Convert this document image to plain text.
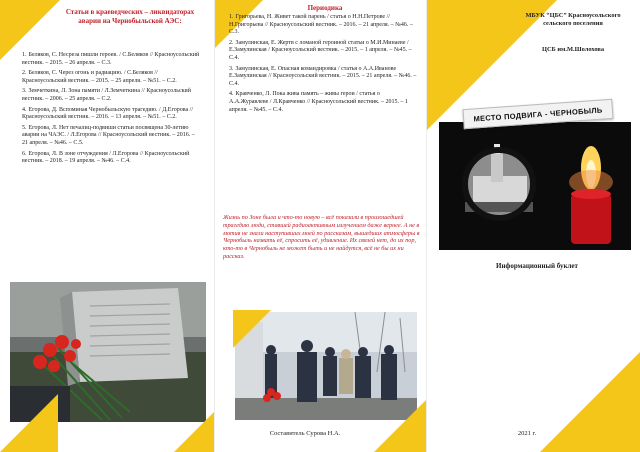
Статьи в краеведческих – ликвидаторах аварии на Чернобыльской АЭС:
1. Беляков, С. Несреза пишли героев. / С.Беляков // Красноусольский вестник. – 2015. – 26 апреля. – С.3.
2. Беляков, С. Через огонь и радиацию. / С.Беляков // Красноусольский вестник. – 2015. – 25 апреля. – №51. – С.2.
3. Земчеткина, Л. Зона памяти / Л.Земчеткина // Красноусольский вестник. – 2006. – 25 апреля. – С.2.
4. Егорова, Д. Вспоминая Чернобыльскую трагедию. / Д.Егорова // Красноусольский вестник. – 2016. – 13 апреля. – №51. – С.2.
5. Егорова, Л. Нет печалиц-подвиши статьи посвящена 30-летию аварии на ЧАЭС. / Л.Егорова // Красноусольский вестник. – 2016. – 21 апреля. – №46. – С.5.
6. Егорова, Л. В зоне отчуждения / Л.Егорова // Красноусольский вестник. – 2018. – 19 апреля. – №46. – С.4.
Периодика
1. Григорьева, Н. Живет такой парень / статья о Н.Н.Петрове // Н.Григорьева // Красноусольский вестник. – 2016. – 21 апреля. – №46. – С.3.
2. Замулинская, Е. Жертв с ломаной героиной статьи о М.И.Минаеве / Е.Замулинская / Красноусольский вестник. – 2015. – 1 апреля. – №45. – С.4.
3. Замулинская, Е. Опасная командировка / статья о А.А.Иванове Е.Замулинская // Красноусольский вестник. – 2015. – 21 апреля. – №46. – С.4.
4. Кравченко, Л. Пока жива память – живы герои / статья о А.А.Журавлеве / Л.Кравченко // Красноусольский вестник. – 2015. – 1 апреля. – №45. – С.4.

Жизнь по Зоне была и что-то новую – всё показали в произошедшей трагедию люди, ставшей радиоактивным излучением даже вернее. А не в мотив не знали наступивших моей по рассказам, вышедших атмосферы в Чернобыль назвать её, спросить её, удивление. Их связей нет, до их пор, кто-то в Чернобыль не может быть и не найдутся, всё не бы их ни рассказ.

Составитель Сурова Н.А.
МБУК “ЦБС” Красноусольского сельского поселения
ЦСБ им.М.Шолохова
МЕСТО ПОДВИГА - ЧЕРНОБЫЛЬ
Информационный буклет
2021 г.
